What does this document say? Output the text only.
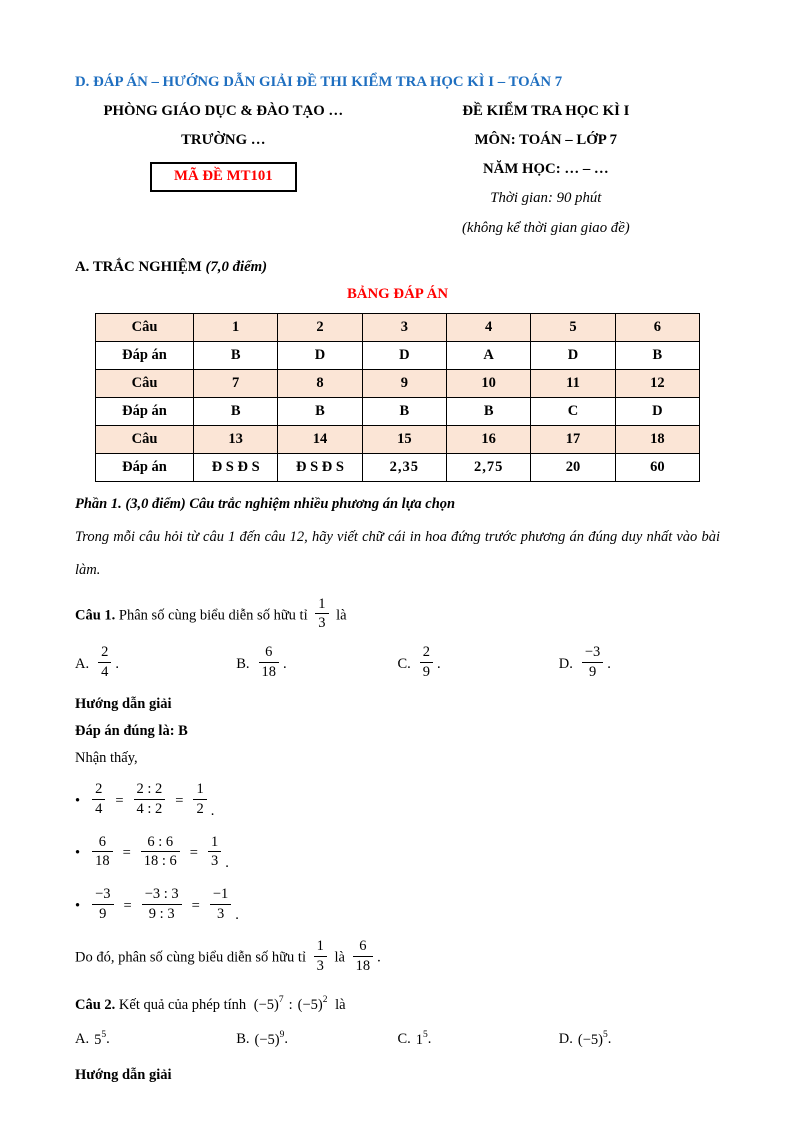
D. ĐÁP ÁN – HƯỚNG DẪN GIẢI ĐỀ THI KIỂM TRA HỌC KÌ I – TOÁN 7

PHÒNG GIÁO DỤC & ĐÀO TẠO …

TRƯỜNG …

MÃ ĐỀ MT101

ĐỀ KIỂM TRA HỌC KÌ I

MÔN: TOÁN – LỚP 7

NĂM HỌC: … – …

Thời gian: 90 phút

(không kể thời gian giao đề)

A. TRẮC NGHIỆM (7,0 điểm)

BẢNG ĐÁP ÁN

Câu	1	2	3	4	5	6
Đáp án	B	D	D	A	D	B
Câu	7	8	9	10	11	12
Đáp án	B	B	B	B	C	D
Câu	13	14	15	16	17	18
Đáp án	Đ S Đ S	Đ S Đ S	2,35	2,75	20	60

Phần 1. (3,0 điểm) Câu trắc nghiệm nhiều phương án lựa chọn

Trong mỗi câu hỏi từ câu 1 đến câu 12, hãy viết chữ cái in hoa đứng trước phương án đúng duy nhất vào bài làm.

Câu 1. Phân số cùng biểu diễn số hữu tỉ $\frac{1}{3}$ là

A. $\frac{2}{4}$ .	B. $\frac{6}{18}$ .	C. $\frac{2}{9}$ .	D. $\frac{-3}{9}$ .

Hướng dẫn giải

Đáp án đúng là: B

Nhận thấy,

• $\frac{2}{4} = \frac{2 : 2}{4 : 2} = \frac{1}{2}$ .
• $\frac{6}{18} = \frac{6 : 6}{18 : 6} = \frac{1}{3}$ .
• $\frac{-3}{9} = \frac{-3 : 3}{9 : 3} = \frac{-1}{3}$ .

Do đó, phân số cùng biểu diễn số hữu tỉ $\frac{1}{3}$ là $\frac{6}{18}$ .

Câu 2. Kết quả của phép tính $(-5)^7$ : $(-5)^2$ là

A. $5^5$ .	B. $(-5)^9$ .	C. $1^5$ .	D. $(-5)^5$ .

Hướng dẫn giải
